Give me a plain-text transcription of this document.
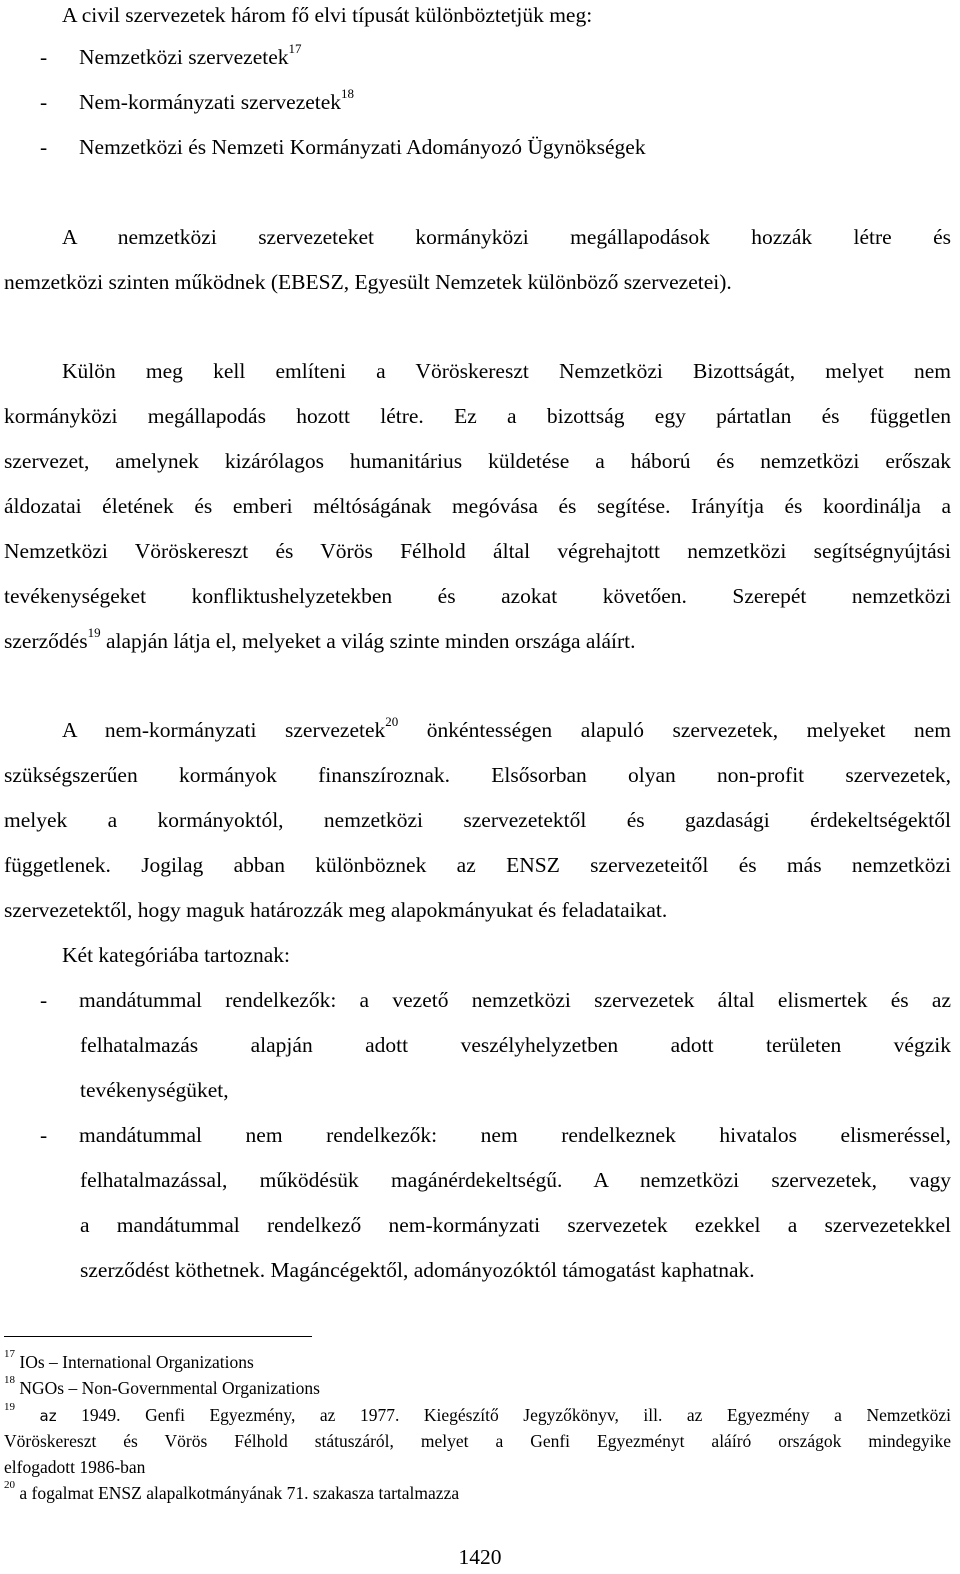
A civil szervezetek három fő elvi típusát különböztetjük meg:
- Nemzetközi szervezetek$^{17}$
- Nem-kormányzati szervezetek$^{18}$
- Nemzetközi és Nemzeti Kormányzati Adományozó Ügynökségek
A nemzetközi szervezeteket kormányközi megállapodások hozzák létre és
nemzetközi szinten működnek (EBESZ, Egyesült Nemzetek különböző szervezetei).
Külön meg kell említeni a Vöröskereszt Nemzetközi Bizottságát, melyet nem
kormányközi megállapodás hozott létre. Ez a bizottság egy pártatlan és független
szervezet, amelynek kizárólagos humanitárius küldetése a háború és nemzetközi erőszak
áldozatai életének és emberi méltóságának megóvása és segítése. Irányítja és koordinálja a
Nemzetközi Vöröskereszt és Vörös Félhold által végrehajtott nemzetközi segítségnyújtási
tevékenységeket konfliktushelyzetekben és azokat követően. Szerepét nemzetközi
szerződés$^{19}$ alapján látja el, melyeket a világ szinte minden országa aláírt.
A nem-kormányzati szervezetek$^{20}$ önkéntességen alapuló szervezetek, melyeket nem
szükségszerűen kormányok finanszíroznak. Elsősorban olyan non-profit szervezetek,
melyek a kormányoktól, nemzetközi szervezetektől és gazdasági érdekeltségektől
függetlenek. Jogilag abban különböznek az ENSZ szervezeteitől és más nemzetközi
szervezetektől, hogy maguk határozzák meg alapokmányukat és feladataikat.
Két kategóriába tartoznak:
- mandátummal rendelkezők: a vezető nemzetközi szervezetek által elismertek és az
felhatalmazás alapján adott veszélyhelyzetben adott területen végzik
tevékenységüket,
- mandátummal nem rendelkezők: nem rendelkeznek hivatalos elismeréssel,
felhatalmazással, működésük magánérdekeltségű. A nemzetközi szervezetek, vagy
a mandátummal rendelkező nem-kormányzati szervezetek ezekkel a szervezetekkel
szerződést köthetnek. Magáncégektől, adományozóktól támogatást kaphatnak.
$^{17}$ IOs – International Organizations
$^{18}$ NGOs – Non-Governmental Organizations
$^{19}$ az 1949. Genfi Egyezmény, az 1977. Kiegészítő Jegyzőkönyv, ill. az Egyezmény a Nemzetközi
Vöröskereszt és Vörös Félhold státuszáról, melyet a Genfi Egyezményt aláíró országok mindegyike
elfogadott 1986-ban
$^{20}$ a fogalmat ENSZ alapalkotmányának 71. szakasza tartalmazza
1420
